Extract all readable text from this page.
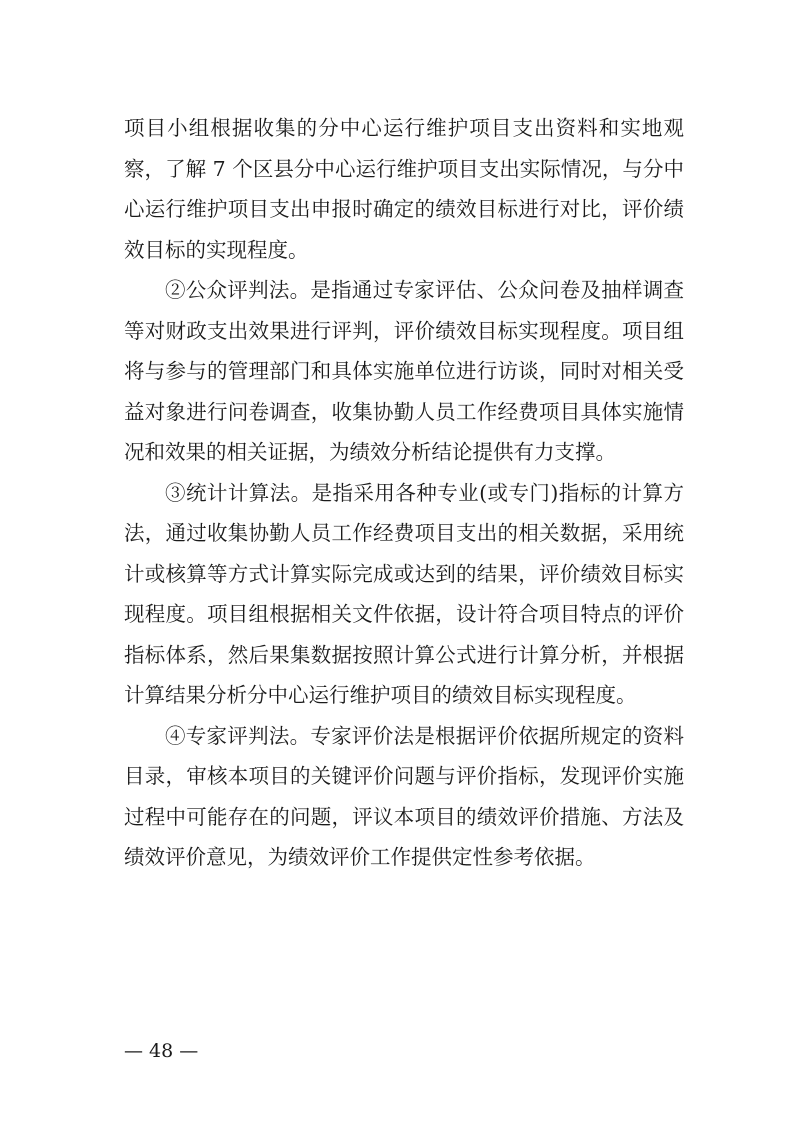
项目小组根据收集的分中心运行维护项目支出资料和实地观察，了解 7 个区县分中心运行维护项目支出实际情况，与分中心运行维护项目支出申报时确定的绩效目标进行对比，评价绩效目标的实现程度。

②公众评判法。是指通过专家评估、公众问卷及抽样调查等对财政支出效果进行评判，评价绩效目标实现程度。项目组将与参与的管理部门和具体实施单位进行访谈，同时对相关受益对象进行问卷调查，收集协勤人员工作经费项目具体实施情况和效果的相关证据，为绩效分析结论提供有力支撑。

③统计计算法。是指采用各种专业(或专门)指标的计算方法，通过收集协勤人员工作经费项目支出的相关数据，采用统计或核算等方式计算实际完成或达到的结果，评价绩效目标实现程度。项目组根据相关文件依据，设计符合项目特点的评价指标体系，然后果集数据按照计算公式进行计算分析，并根据计算结果分析分中心运行维护项目的绩效目标实现程度。

④专家评判法。专家评价法是根据评价依据所规定的资料目录，审核本项目的关键评价问题与评价指标，发现评价实施过程中可能存在的问题，评议本项目的绩效评价措施、方法及绩效评价意见，为绩效评价工作提供定性参考依据。

— 48 —
